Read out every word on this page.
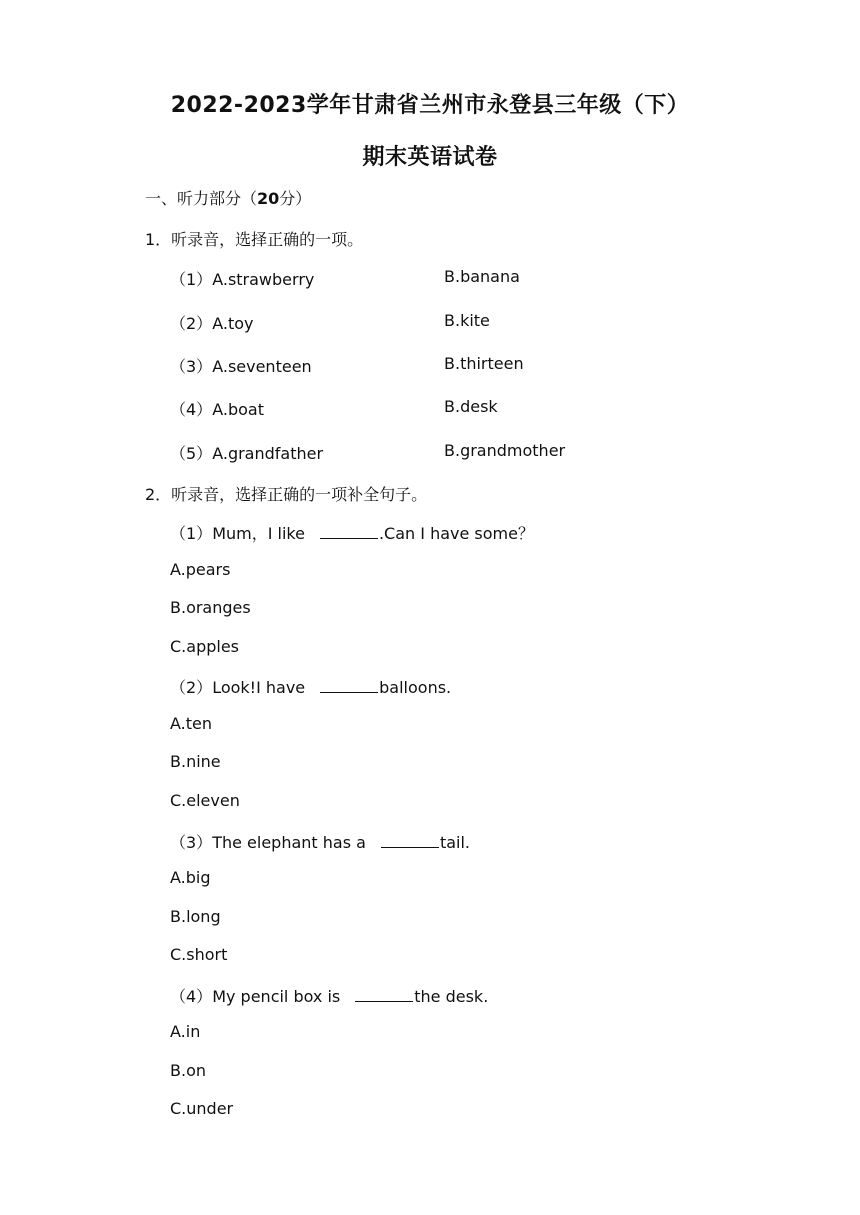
2022-2023学年甘肃省兰州市永登县三年级（下）
期末英语试卷
一、听力部分（20分）
1．听录音，选择正确的一项。
（1）A.strawberry	B.banana
（2）A.toy	B.kite
（3）A.seventeen	B.thirteen
（4）A.boat	B.desk
（5）A.grandfather	B.grandmother
2．听录音，选择正确的一项补全句子。
（1）Mum，I like	.Can I have some？
A.pears
B.oranges
C.apples
（2）Look!I have	balloons.
A.ten
B.nine
C.eleven
（3）The elephant has a	tail.
A.big
B.long
C.short
（4）My pencil box is	the desk.
A.in
B.on
C.under
